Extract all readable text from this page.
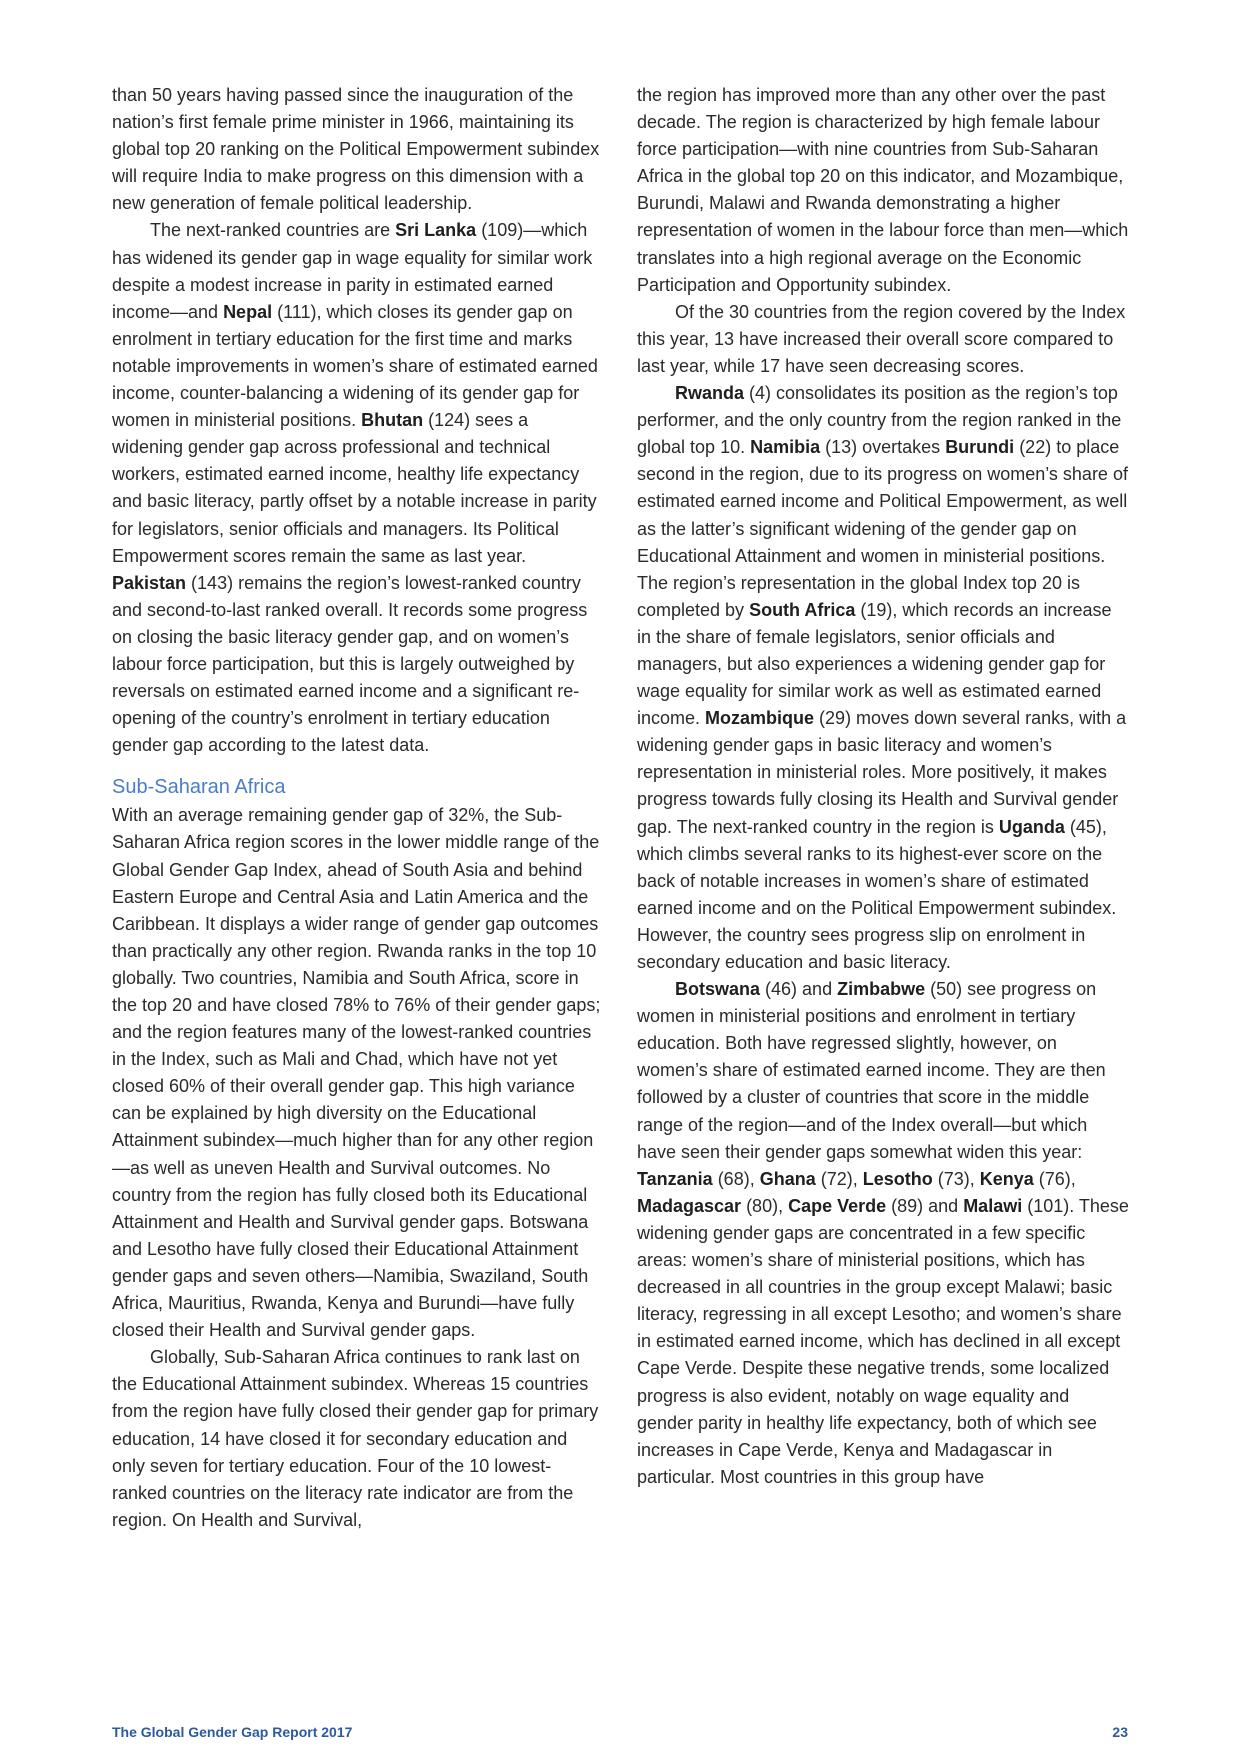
than 50 years having passed since the inauguration of the nation’s first female prime minister in 1966, maintaining its global top 20 ranking on the Political Empowerment subindex will require India to make progress on this dimension with a new generation of female political leadership.

The next-ranked countries are Sri Lanka (109)—which has widened its gender gap in wage equality for similar work despite a modest increase in parity in estimated earned income—and Nepal (111), which closes its gender gap on enrolment in tertiary education for the first time and marks notable improvements in women’s share of estimated earned income, counter-balancing a widening of its gender gap for women in ministerial positions. Bhutan (124) sees a widening gender gap across professional and technical workers, estimated earned income, healthy life expectancy and basic literacy, partly offset by a notable increase in parity for legislators, senior officials and managers. Its Political Empowerment scores remain the same as last year. Pakistan (143) remains the region’s lowest-ranked country and second-to-last ranked overall. It records some progress on closing the basic literacy gender gap, and on women’s labour force participation, but this is largely outweighed by reversals on estimated earned income and a significant re-opening of the country’s enrolment in tertiary education gender gap according to the latest data.

Sub-Saharan Africa

With an average remaining gender gap of 32%, the Sub-Saharan Africa region scores in the lower middle range of the Global Gender Gap Index, ahead of South Asia and behind Eastern Europe and Central Asia and Latin America and the Caribbean. It displays a wider range of gender gap outcomes than practically any other region. Rwanda ranks in the top 10 globally. Two countries, Namibia and South Africa, score in the top 20 and have closed 78% to 76% of their gender gaps; and the region features many of the lowest-ranked countries in the Index, such as Mali and Chad, which have not yet closed 60% of their overall gender gap. This high variance can be explained by high diversity on the Educational Attainment subindex—much higher than for any other region—as well as uneven Health and Survival outcomes. No country from the region has fully closed both its Educational Attainment and Health and Survival gender gaps. Botswana and Lesotho have fully closed their Educational Attainment gender gaps and seven others—Namibia, Swaziland, South Africa, Mauritius, Rwanda, Kenya and Burundi—have fully closed their Health and Survival gender gaps.

Globally, Sub-Saharan Africa continues to rank last on the Educational Attainment subindex. Whereas 15 countries from the region have fully closed their gender gap for primary education, 14 have closed it for secondary education and only seven for tertiary education. Four of the 10 lowest-ranked countries on the literacy rate indicator are from the region. On Health and Survival,

the region has improved more than any other over the past decade. The region is characterized by high female labour force participation—with nine countries from Sub-Saharan Africa in the global top 20 on this indicator, and Mozambique, Burundi, Malawi and Rwanda demonstrating a higher representation of women in the labour force than men—which translates into a high regional average on the Economic Participation and Opportunity subindex.

Of the 30 countries from the region covered by the Index this year, 13 have increased their overall score compared to last year, while 17 have seen decreasing scores.

Rwanda (4) consolidates its position as the region’s top performer, and the only country from the region ranked in the global top 10. Namibia (13) overtakes Burundi (22) to place second in the region, due to its progress on women’s share of estimated earned income and Political Empowerment, as well as the latter’s significant widening of the gender gap on Educational Attainment and women in ministerial positions. The region’s representation in the global Index top 20 is completed by South Africa (19), which records an increase in the share of female legislators, senior officials and managers, but also experiences a widening gender gap for wage equality for similar work as well as estimated earned income. Mozambique (29) moves down several ranks, with a widening gender gaps in basic literacy and women’s representation in ministerial roles. More positively, it makes progress towards fully closing its Health and Survival gender gap. The next-ranked country in the region is Uganda (45), which climbs several ranks to its highest-ever score on the back of notable increases in women’s share of estimated earned income and on the Political Empowerment subindex. However, the country sees progress slip on enrolment in secondary education and basic literacy.

Botswana (46) and Zimbabwe (50) see progress on women in ministerial positions and enrolment in tertiary education. Both have regressed slightly, however, on women’s share of estimated earned income. They are then followed by a cluster of countries that score in the middle range of the region—and of the Index overall—but which have seen their gender gaps somewhat widen this year: Tanzania (68), Ghana (72), Lesotho (73), Kenya (76), Madagascar (80), Cape Verde (89) and Malawi (101). These widening gender gaps are concentrated in a few specific areas: women’s share of ministerial positions, which has decreased in all countries in the group except Malawi; basic literacy, regressing in all except Lesotho; and women’s share in estimated earned income, which has declined in all except Cape Verde. Despite these negative trends, some localized progress is also evident, notably on wage equality and gender parity in healthy life expectancy, both of which see increases in Cape Verde, Kenya and Madagascar in particular. Most countries in this group have

The Global Gender Gap Report 2017	23
